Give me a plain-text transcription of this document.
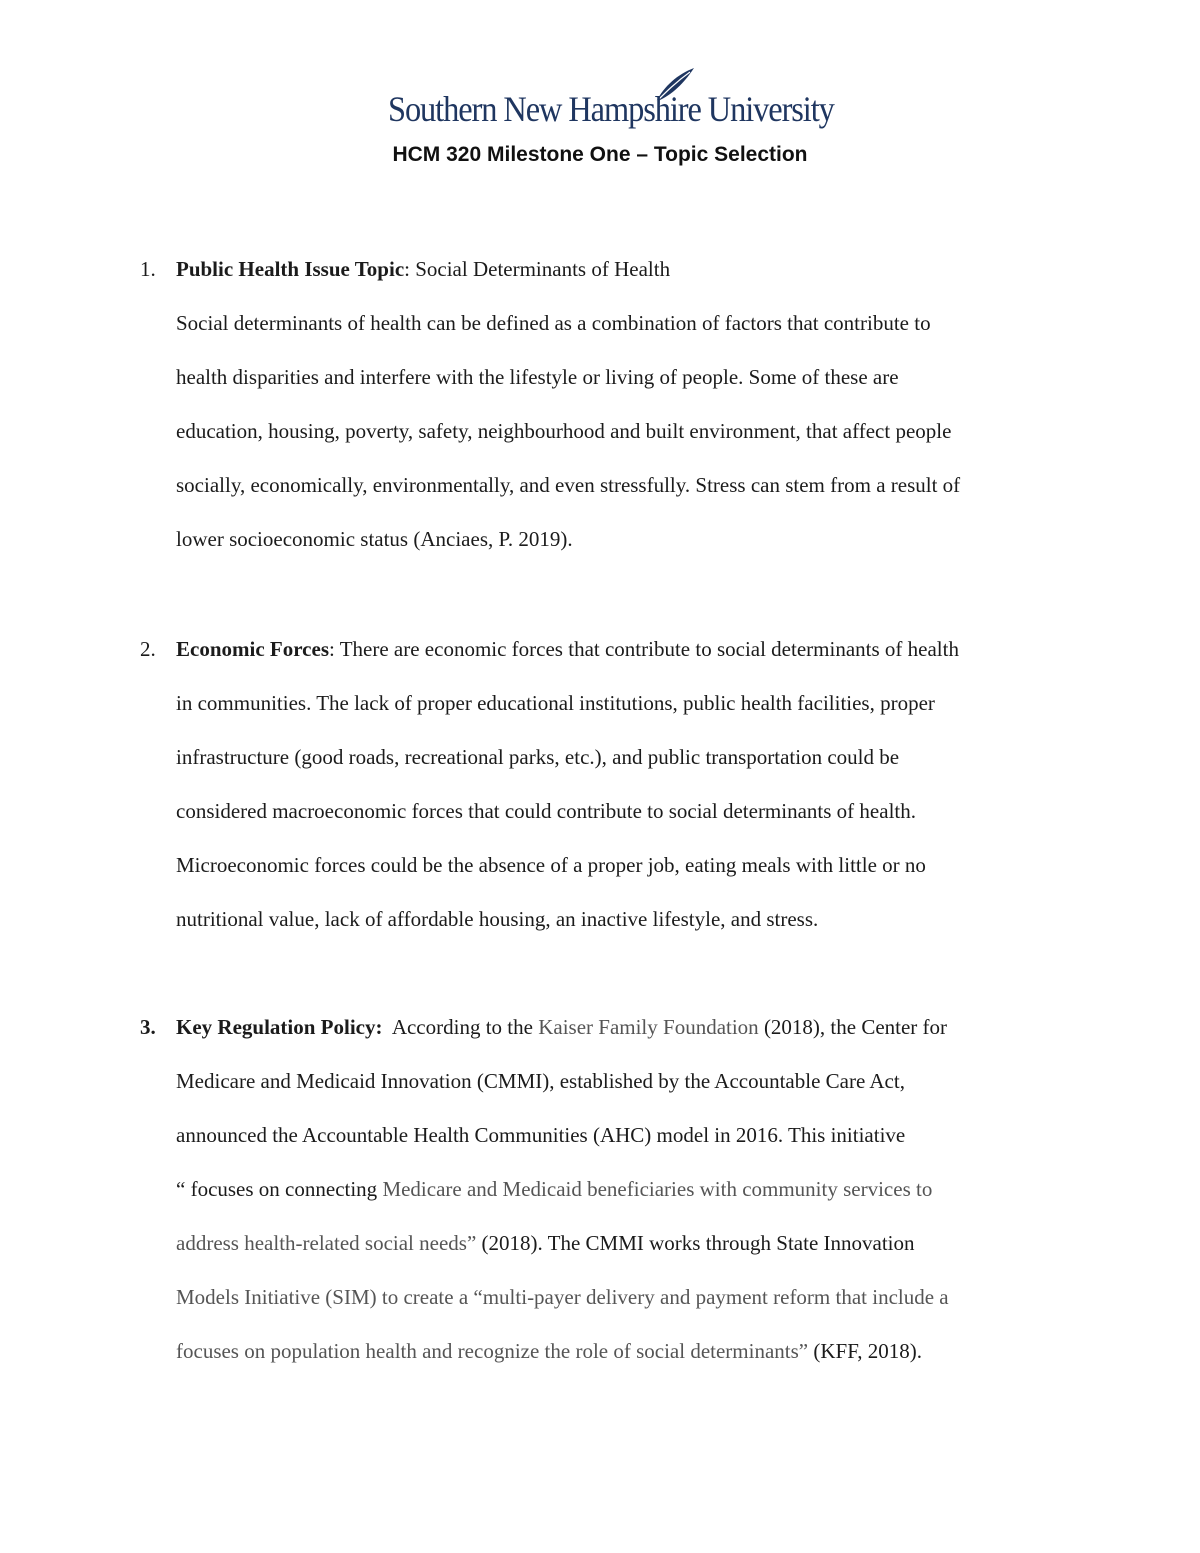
Southern New Hampshire University
HCM 320 Milestone One – Topic Selection
1. Public Health Issue Topic: Social Determinants of Health
Social determinants of health can be defined as a combination of factors that contribute to
health disparities and interfere with the lifestyle or living of people. Some of these are
education, housing, poverty, safety, neighbourhood and built environment, that affect people
socially, economically, environmentally, and even stressfully. Stress can stem from a result of
lower socioeconomic status (Anciaes, P. 2019).
2. Economic Forces: There are economic forces that contribute to social determinants of health
in communities. The lack of proper educational institutions, public health facilities, proper
infrastructure (good roads, recreational parks, etc.), and public transportation could be
considered macroeconomic forces that could contribute to social determinants of health.
Microeconomic forces could be the absence of a proper job, eating meals with little or no
nutritional value, lack of affordable housing, an inactive lifestyle, and stress.
3. Key Regulation Policy:  According to the Kaiser Family Foundation (2018), the Center for
Medicare and Medicaid Innovation (CMMI), established by the Accountable Care Act,
announced the Accountable Health Communities (AHC) model in 2016. This initiative
“ focuses on connecting Medicare and Medicaid beneficiaries with community services to
address health-related social needs” (2018). The CMMI works through State Innovation
Models Initiative (SIM) to create a “multi-payer delivery and payment reform that include a
focuses on population health and recognize the role of social determinants” (KFF, 2018).
